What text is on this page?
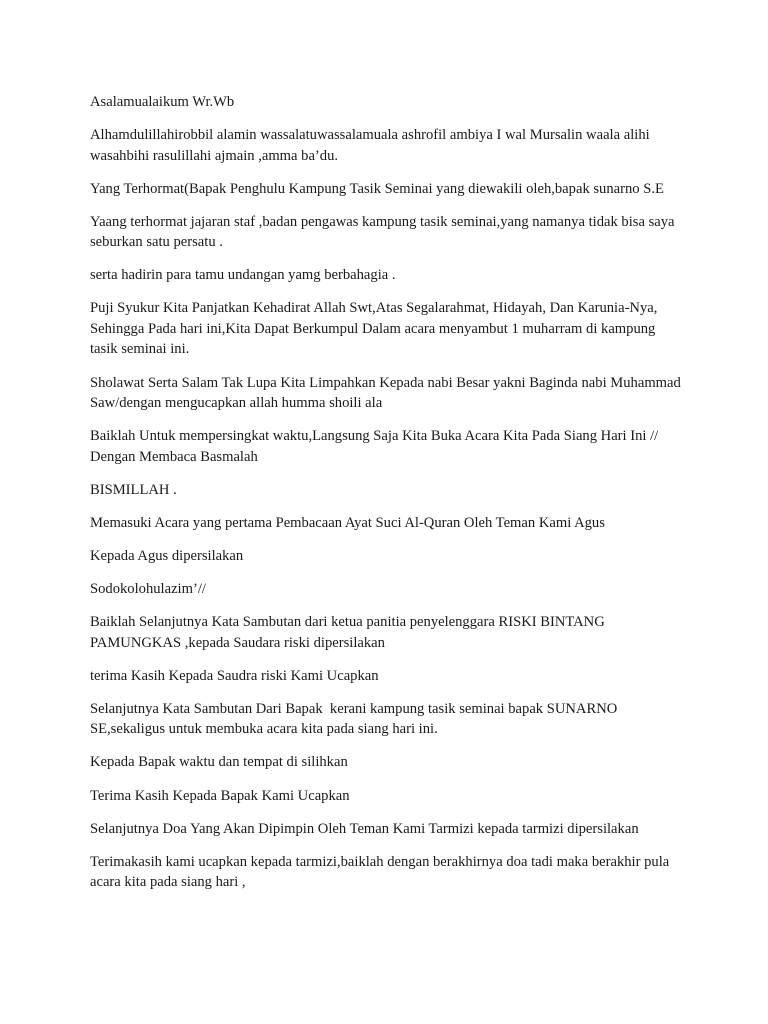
Asalamualaikum Wr.Wb

Alhamdulillahirobbil alamin wassalatuwassalamuala ashrofil ambiya I wal Mursalin waala alihi wasahbihi rasulillahi ajmain ,amma ba’du.

Yang Terhormat(Bapak Penghulu Kampung Tasik Seminai yang diewakili oleh,bapak sunarno S.E

Yaang terhormat jajaran staf ,badan pengawas kampung tasik seminai,yang namanya tidak bisa saya seburkan satu persatu .

serta hadirin para tamu undangan yamg berbahagia .

Puji Syukur Kita Panjatkan Kehadirat Allah Swt,Atas Segalarahmat, Hidayah, Dan Karunia-Nya, Sehingga Pada hari ini,Kita Dapat Berkumpul Dalam acara menyambut 1 muharram di kampung tasik seminai ini.

Sholawat Serta Salam Tak Lupa Kita Limpahkan Kepada nabi Besar yakni Baginda nabi Muhammad Saw/dengan mengucapkan allah humma shoili ala

Baiklah Untuk mempersingkat waktu,Langsung Saja Kita Buka Acara Kita Pada Siang Hari Ini // Dengan Membaca Basmalah

BISMILLAH .

Memasuki Acara yang pertama Pembacaan Ayat Suci Al-Quran Oleh Teman Kami Agus

Kepada Agus dipersilakan

Sodokolohulazim’//

Baiklah Selanjutnya Kata Sambutan dari ketua panitia penyelenggara RISKI BINTANG PAMUNGKAS ,kepada Saudara riski dipersilakan

terima Kasih Kepada Saudra riski Kami Ucapkan

Selanjutnya Kata Sambutan Dari Bapak  kerani kampung tasik seminai bapak SUNARNO SE,sekaligus untuk membuka acara kita pada siang hari ini.

Kepada Bapak waktu dan tempat di silihkan

Terima Kasih Kepada Bapak Kami Ucapkan

Selanjutnya Doa Yang Akan Dipimpin Oleh Teman Kami Tarmizi kepada tarmizi dipersilakan

Terimakasih kami ucapkan kepada tarmizi,baiklah dengan berakhirnya doa tadi maka berakhir pula acara kita pada siang hari ,
